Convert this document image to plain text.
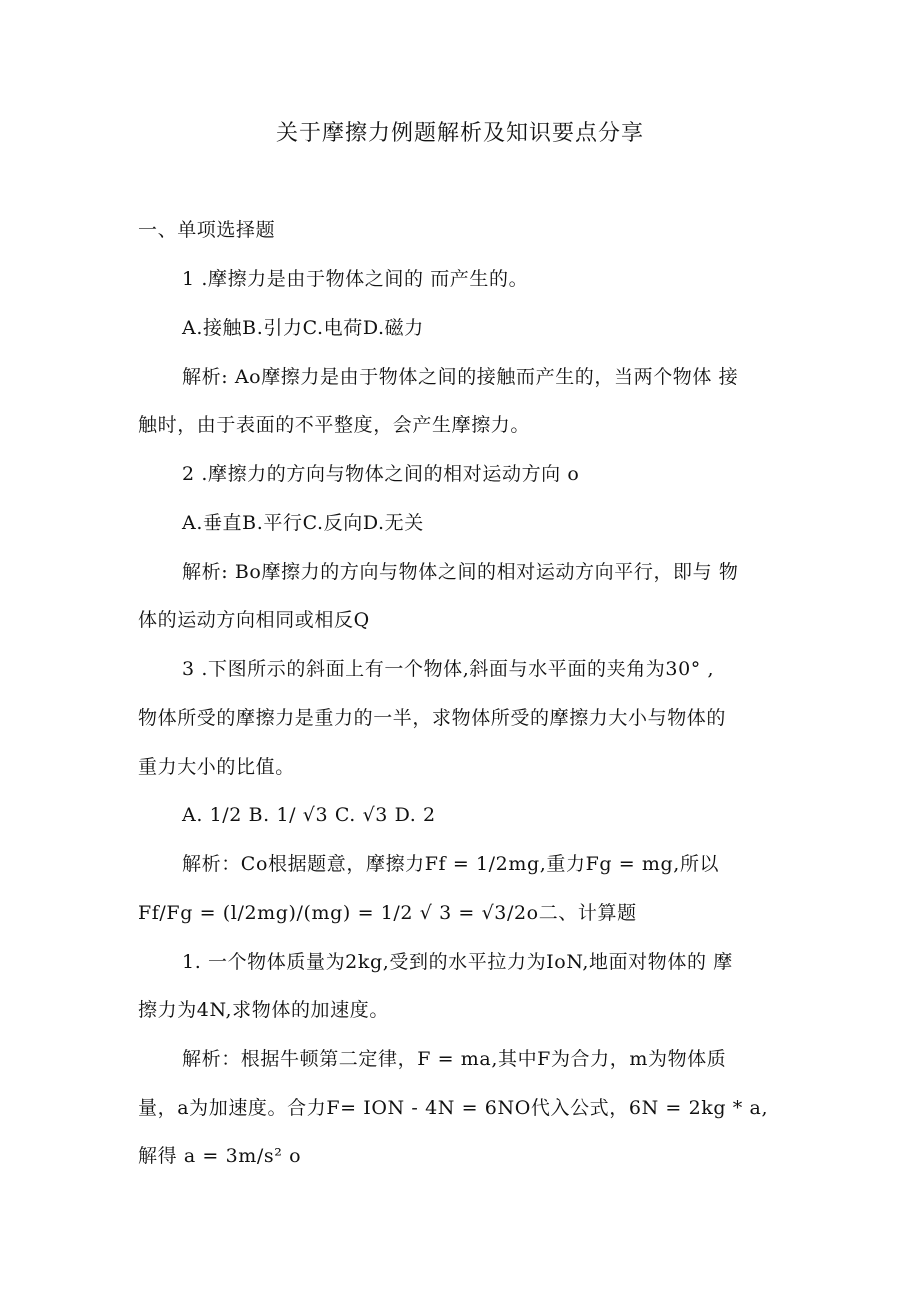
关于摩擦力例题解析及知识要点分享
一、单项选择题
1 .摩擦力是由于物体之间的 而产生的。
A.接触B.引力C.电荷D.磁力
解析: Ao摩擦力是由于物体之间的接触而产生的，当两个物体 接
触时，由于表面的不平整度，会产生摩擦力。
2 .摩擦力的方向与物体之间的相对运动方向 o
A.垂直B.平行C.反向D.无关
解析: Bo摩擦力的方向与物体之间的相对运动方向平行，即与 物
体的运动方向相同或相反Q
3 .下图所示的斜面上有一个物体,斜面与水平面的夹角为30° ,
物体所受的摩擦力是重力的一半，求物体所受的摩擦力大小与物体的
重力大小的比值。
A. 1/2 B. 1/ √3 C. √3 D. 2
解析：Co根据题意，摩擦力Ff = 1/2mg,重力Fg = mg,所以
Ff/Fg = (l/2mg)/(mg) = 1/2 √ 3 = √3/2o二、计算题
1. 一个物体质量为2kg,受到的水平拉力为IoN,地面对物体的 摩
擦力为4N,求物体的加速度。
解析：根据牛顿第二定律，F = ma,其中F为合力，m为物体质
量，a为加速度。合力F= ION - 4N = 6NO代入公式，6N = 2kg * a,
解得 a = 3m/s² o
